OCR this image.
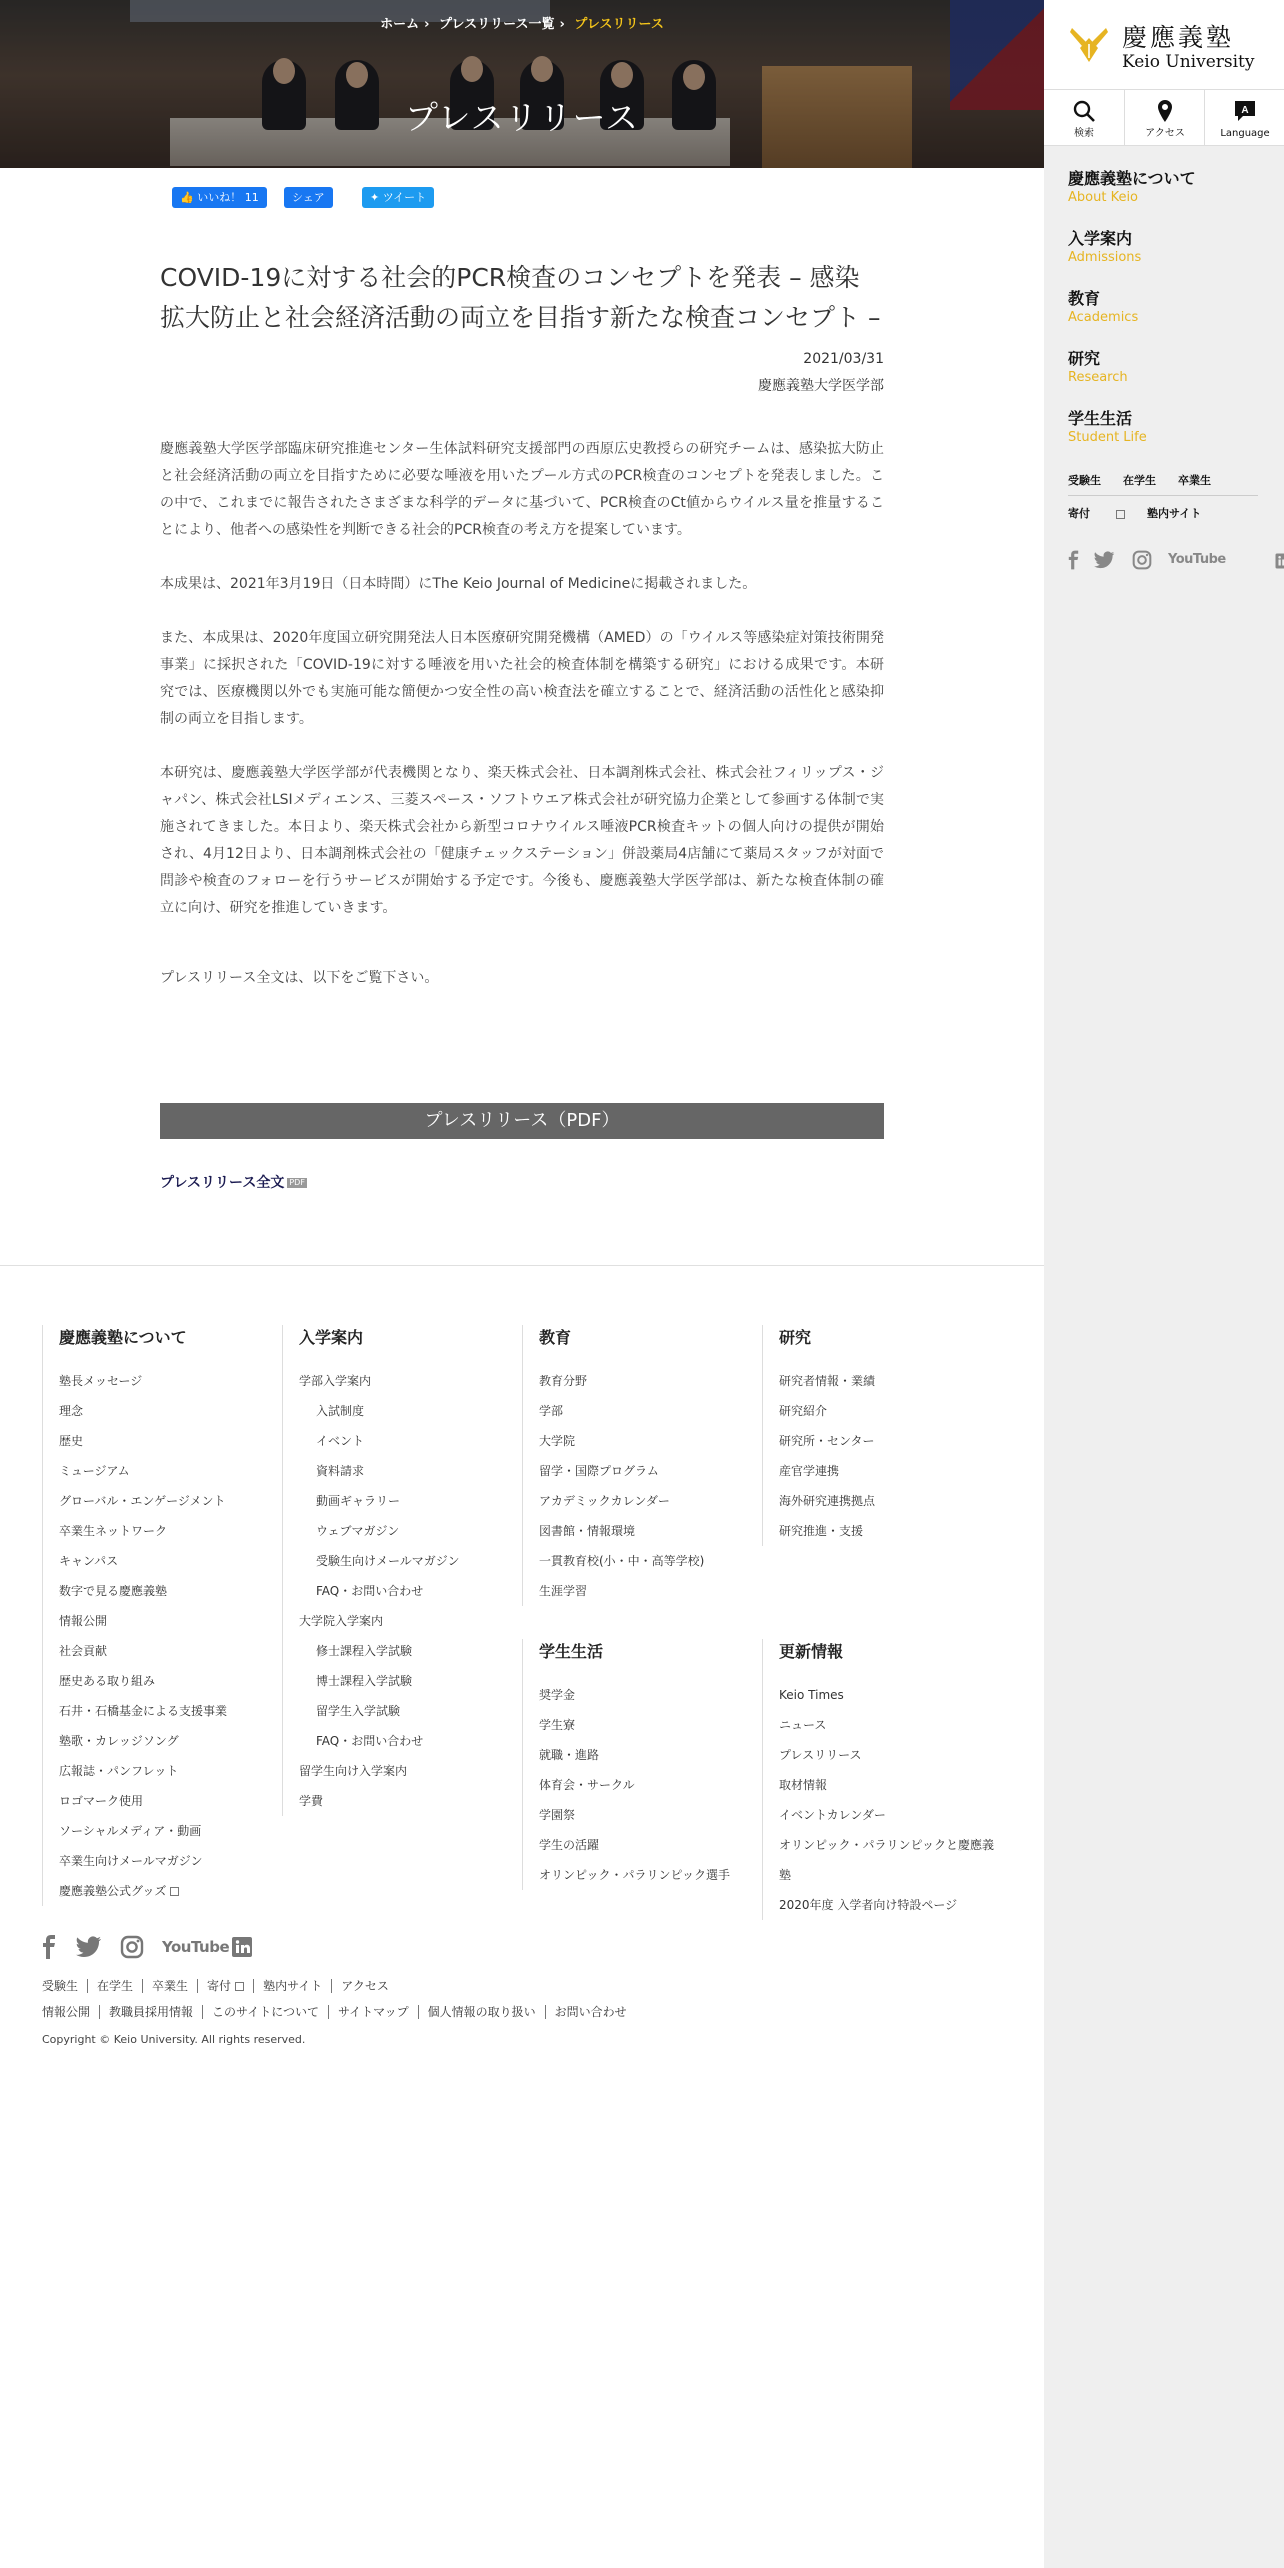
ホーム › プレスリリース一覧 › プレスリリース
プレスリリース
👍 いいね！ 11	シェア	✦ ツイート
COVID-19に対する社会的PCR検査のコンセプトを発表 – 感染拡大防止と社会経済活動の両立を目指す新たな検査コンセプト –
2021/03/31
慶應義塾大学医学部

慶應義塾大学医学部臨床研究推進センター生体試料研究支援部門の西原広史教授らの研究チームは、感染拡大防止と社会経済活動の両立を目指すために必要な唾液を用いたプール方式のPCR検査のコンセプトを発表しました。この中で、これまでに報告されたさまざまな科学的データに基づいて、PCR検査のCt値からウイルス量を推量することにより、他者への感染性を判断できる社会的PCR検査の考え方を提案しています。

本成果は、2021年3月19日（日本時間）にThe Keio Journal of Medicineに掲載されました。

また、本成果は、2020年度国立研究開発法人日本医療研究開発機構（AMED）の「ウイルス等感染症対策技術開発事業」に採択された「COVID-19に対する唾液を用いた社会的検査体制を構築する研究」における成果です。本研究では、医療機関以外でも実施可能な簡便かつ安全性の高い検査法を確立することで、経済活動の活性化と感染抑制の両立を目指します。

本研究は、慶應義塾大学医学部が代表機関となり、楽天株式会社、日本調剤株式会社、株式会社フィリップス・ジャパン、株式会社LSIメディエンス、三菱スペース・ソフトウエア株式会社が研究協力企業として参画する体制で実施されてきました。本日より、楽天株式会社から新型コロナウイルス唾液PCR検査キットの個人向けの提供が開始され、4月12日より、日本調剤株式会社の「健康チェックステーション」併設薬局4店舗にて薬局スタッフが対面で問診や検査のフォローを行うサービスが開始する予定です。今後も、慶應義塾大学医学部は、新たな検査体制の確立に向け、研究を推進していきます。

プレスリリース全文は、以下をご覧下さい。
プレスリリース（PDF）
プレスリリース全文 PDF
慶應義塾について
塾長メッセージ
理念
歴史
ミュージアム
グローバル・エンゲージメント
卒業生ネットワーク
キャンパス
数字で見る慶應義塾
情報公開
社会貢献
歴史ある取り組み
石井・石橋基金による支援事業
塾歌・カレッジソング
広報誌・パンフレット
ロゴマーク使用
ソーシャルメディア・動画
卒業生向けメールマガジン
慶應義塾公式グッズ
入学案内
学部入学案内
入試制度
イベント
資料請求
動画ギャラリー
ウェブマガジン
受験生向けメールマガジン
FAQ・お問い合わせ
大学院入学案内
修士課程入学試験
博士課程入学試験
留学生入学試験
FAQ・お問い合わせ
留学生向け入学案内
学費
教育
教育分野
学部
大学院
留学・国際プログラム
アカデミックカレンダー
図書館・情報環境
一貫教育校(小・中・高等学校)
生涯学習
研究
研究者情報・業績
研究紹介
研究所・センター
産官学連携
海外研究連携拠点
研究推進・支援
学生生活
奨学金
学生寮
就職・進路
体育会・サークル
学園祭
学生の活躍
オリンピック・パラリンピック選手
更新情報
Keio Times
ニュース
プレスリリース
取材情報
イベントカレンダー
オリンピック・パラリンピックと慶應義塾
2020年度 入学者向け特設ページ
YouTube
受験生 在学生 卒業生 寄付	塾内サイト アクセス
情報公開 教職員採用情報 このサイトについて サイトマップ 個人情報の取り扱い お問い合わせ
Copyright © Keio University. All rights reserved.
慶應義塾
Keio University
検索	アクセス
A
Language
慶應義塾について
About Keio
入学案内
Admissions
教育
Academics
研究
Research
学生生活
Student Life
受験生 在学生 卒業生
寄付	塾内サイト
YouTube
